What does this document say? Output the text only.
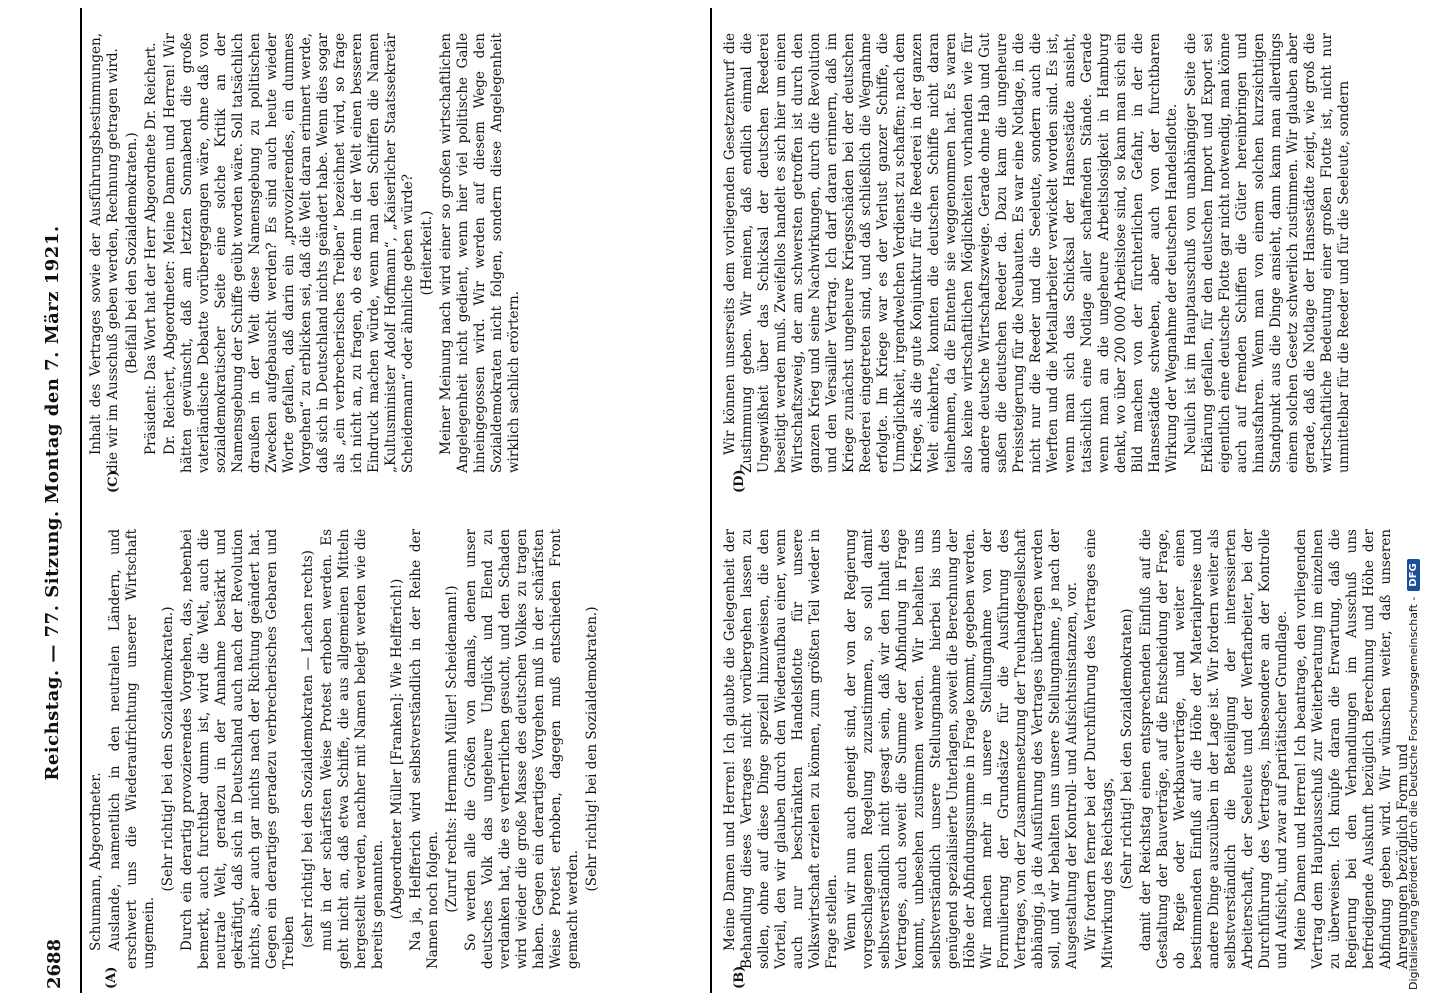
2688
Reichstag. — 77. Sitzung. Montag den 7. März 1921.
(A)
(C)

Schumann, Abgeordneter. Auslande, namentlich in den neutralen Ländern, und erschwert uns die Wiederaufrichtung unserer Wirtschaft ungemein.

(Sehr richtig! bei den Sozialdemokraten.) Durch ein derartig provozierendes Vorgehen, das, nebenbei bemerkt, auch furchtbar dumm ist, wird die Welt, auch die neutrale Welt, geradezu in der Annahme bestärkt und gekräftigt, daß sich in Deutschland auch nach der Revolution nichts, aber auch gar nichts nach der Richtung geändert hat. Gegen ein derartiges geradezu verbrecherisches Gebaren und Treiben (sehr richtig! bei den Sozialdemokraten — Lachen rechts) muß in der schärfsten Weise Protest erhoben werden. Es geht nicht an, daß etwa Schiffe, die aus allgemeinen Mitteln hergestellt werden, nachher mit Namen belegt werden wie die bereits genannten. (Abgeordneter Müller [Franken]: Wie Helfferich!) Na ja, Helfferich wird selbstverständlich in der Reihe der Namen noch folgen. (Zuruf rechts: Hermann Müller! Scheidemann!) So werden alle die Größen von damals, denen unser deutsches Volk das ungeheure Unglück und Elend zu verdanken hat, die es verherrlichen gesucht, und den Schaden wird wieder die große Masse des deutschen Volkes zu tragen haben. Gegen ein derartiges Vorgehen muß in der schärfsten Weise Protest erhoben, dagegen muß entschieden Front gemacht werden.

(Sehr richtig! bei den Sozialdemokraten.)

Inhalt des Vertrages sowie der Ausführungsbestimmungen, die wir im Ausschuß geben werden, Rechnung getragen wird. (Beifall bei den Sozialdemokraten.) Präsident: Das Wort hat der Herr Abgeordnete Dr. Reichert. Dr. Reichert, Abgeordneter: Meine Damen und Herren! Wir hätten gewünscht, daß am letzten Sonnabend die große vaterländische Debatte vorübergegangen wäre, ohne daß von sozialdemokratischer Seite eine solche Kritik an der Namensgebung der Schiffe geübt worden wäre. Soll tatsächlich draußen in der Welt diese Namensgebung zu politischen Zwecken aufgebauscht werden? Es sind auch heute wieder Worte gefallen, daß darin ein „provozierendes, ein dummes Vorgehen“ zu erblicken sei, daß die Welt daran erinnert werde, daß sich in Deutschland nichts geändert habe. Wenn dies sogar als „ein verbrecherisches Treiben“ bezeichnet wird, so frage ich nicht an, zu fragen, ob es denn in der Welt einen besseren Eindruck machen würde, wenn man den Schiffen die Namen „Kultusminister Adolf Hoffmann“, „Kaiserlicher Staatssekretär Scheidemann“ oder ähnliche geben würde? (Heiterkeit.) Meiner Meinung nach wird einer so großen wirtschaftlichen Angelegenheit nicht gedient, wenn hier viel politische Galle hineingegossen wird. Wir werden auf diesem Wege den Sozialdemokraten nicht folgen, sondern diese Angelegenheit wirklich sachlich erörtern.

(B)
(D)

Meine Damen und Herren! Ich glaubte die Gelegenheit der Behandlung dieses Vertrages nicht vorübergehen lassen zu sollen, ohne auf diese Dinge speziell hinzuweisen, die den Vorteil, den wir glauben durch den Wiederaufbau einer, wenn auch nur beschränkten Handelsflotte für unsere Volkswirtschaft erzielen zu können, zum größten Teil wieder in Frage stellen. Wenn wir nun auch geneigt sind, der von der Regierung vorgeschlagenen Regelung zuzustimmen, so soll damit selbstverständlich nicht gesagt sein, daß wir den Inhalt des Vertrages, auch soweit die Summe der Abfindung in Frage kommt, unbesehen zustimmen werden. Wir behalten uns selbstverständlich unsere Stellungnahme hierbei bis uns genügend spezialisierte Unterlagen, soweit die Berechnung der Höhe der Abfindungssumme in Frage kommt, gegeben werden. Wir machen mehr in unsere Stellungnahme von der Formulierung der Grundsätze für die Ausführung des Vertrages, von der Zusammensetzung der Treuhandgesellschaft abhängig, ja die Ausführung des Vertrages übertragen werden soll, und wir behalten uns unsere Stellungnahme, je nach der Ausgestaltung der Kontroll- und Aufsichtsinstanzen, vor. Wir fordern ferner bei der Durchführung des Vertrages eine Mitwirkung des Reichstags, (Sehr richtig! bei den Sozialdemokraten) damit der Reichstag einen entsprechenden Einfluß auf die Gestaltung der Bauverträge, auf die Entscheidung der Frage, ob Regie oder Werkbauverträge, und weiter einen bestimmenden Einfluß auf die Höhe der Materialpreise und andere Dinge auszuüben in der Lage ist. Wir fordern weiter als selbstverständlich die Beteiligung der interessierten Arbeiterschaft, der Seeleute und der Werftarbeiter, bei der Durchführung des Vertrages, insbesondere an der Kontrolle und Aufsicht, und zwar auf paritätischer Grundlage. Meine Damen und Herren! Ich beantrage, den vorliegenden Vertrag dem Hauptausschuß zur Weiterberatung im einzelnen zu überweisen. Ich knüpfe daran die Erwartung, daß die Regierung bei den Verhandlungen im Ausschuß uns befriedigende Auskunft bezüglich Berechnung und Höhe der Abfindung geben wird. Wir wünschen weiter, daß unseren Anregungen bezüglich Form und

Wir können unserseits dem vorliegenden Gesetzentwurf die Zustimmung geben. Wir meinen, daß endlich einmal die Ungewißheit über das Schicksal der deutschen Reederei beseitigt werden muß. Zweifellos handelt es sich hier um einen Wirtschaftszweig, der am schwersten getroffen ist durch den ganzen Krieg und seine Nachwirkungen, durch die Revolution und den Versailler Vertrag. Ich darf daran erinnern, daß im Kriege zunächst ungeheure Kriegsschäden bei der deutschen Reederei eingetreten sind, und daß schließlich die Wegnahme erfolgte. Im Kriege war es der Verlust ganzer Schiffe, die Unmöglichkeit, irgendwelchen Verdienst zu schaffen; nach dem Kriege, als die gute Konjunktur für die Reederei in der ganzen Welt einkehrte, konnten die deutschen Schiffe nicht daran teilnehmen, da die Entente sie weggenommen hat. Es waren also keine wirtschaftlichen Möglichkeiten vorhanden wie für andere deutsche Wirtschaftszweige. Gerade ohne Hab und Gut saßen die deutschen Reeder da. Dazu kam die ungeheure Preissteigerung für die Neubauten. Es war eine Notlage, in die nicht nur die Reeder und die Seeleute, sondern auch die Werften und die Metallarbeiter verwickelt worden sind. Es ist, wenn man sich das Schicksal der Hansestädte ansieht, tatsächlich eine Notlage aller schaffenden Stände. Gerade wenn man an die ungeheure Arbeitslosigkeit in Hamburg denkt, wo über 200 000 Arbeitslose sind, so kann man sich ein Bild machen von der fürchterlichen Gefahr, in der die Hansestädte schweben, aber auch von der furchtbaren Wirkung der Wegnahme der deutschen Handelsflotte. Neulich ist im Hauptausschuß von unabhängiger Seite die Erklärung gefallen, für den deutschen Import und Export sei eigentlich eine deutsche Flotte gar nicht notwendig, man könne auch auf fremden Schiffen die Güter hereinbringen und hinausfahren. Wenn man von einem solchen kurzsichtigen Standpunkt aus die Dinge ansieht, dann kann man allerdings einem solchen Gesetz schwerlich zustimmen. Wir glauben aber gerade, daß die Notlage der Hansestädte zeigt, wie groß die wirtschaftliche Bedeutung einer großen Flotte ist, nicht nur unmittelbar für die Reeder und für die Seeleute, sondern

Digitalisierung gefördert durch die Deutsche Forschungsgemeinschaft -
DFG
